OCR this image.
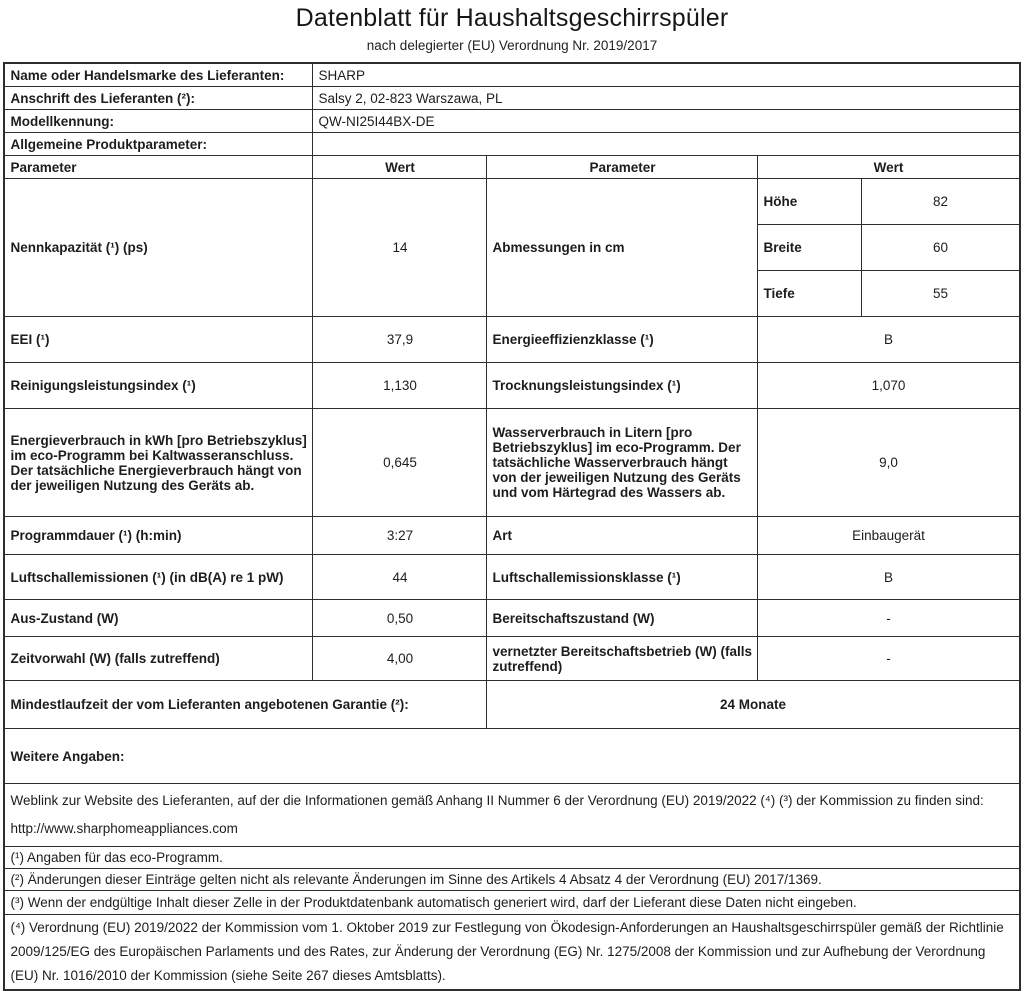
Datenblatt für Haushaltsgeschirrspüler
nach delegierter (EU) Verordnung Nr. 2019/2017
Name oder Handelsmarke des Lieferanten:	SHARP			
Anschrift des Lieferanten (²):	Salsy 2, 02-823 Warszawa, PL			
Modellkennung:	QW-NI25I44BX-DE			
Allgemeine Produktparameter:				
Parameter	Wert	Parameter	Wert	
Nennkapazität (¹) (ps)	14	Abmessungen in cm	Höhe	82
			Breite	60
			Tiefe	55
EEI (¹)	37,9	Energieeffizienzklasse (¹)	B	
Reinigungsleistungsindex (¹)	1,130	Trocknungsleistungsindex (¹)	1,070	
Energieverbrauch in kWh [pro Betriebszyklus] im eco-Programm bei Kaltwasseranschluss. Der tatsächliche Energieverbrauch hängt von der jeweiligen Nutzung des Geräts ab.	0,645	Wasserverbrauch in Litern [pro Betriebszyklus] im eco-Programm. Der tatsächliche Wasserverbrauch hängt von der jeweiligen Nutzung des Geräts und vom Härtegrad des Wassers ab.	9,0	
Programmdauer (¹) (h:min)	3:27	Art	Einbaugerät	
Luftschallemissionen (¹) (in dB(A) re 1 pW)	44	Luftschallemissionsklasse (¹)	B	
Aus-Zustand (W)	0,50	Bereitschaftszustand (W)	-	
Zeitvorwahl (W) (falls zutreffend)	4,00	vernetzter Bereitschaftsbetrieb (W) (falls zutreffend)	-	
Mindestlaufzeit der vom Lieferanten angebotenen Garantie (²):		24 Monate		
Weitere Angaben:				
Weblink zur Website des Lieferanten, auf der die Informationen gemäß Anhang II Nummer 6 der Verordnung (EU) 2019/2022 (⁴) (³) der Kommission zu finden sind: http://www.sharphomeappliances.com				
(¹) Angaben für das eco-Programm.				
(²) Änderungen dieser Einträge gelten nicht als relevante Änderungen im Sinne des Artikels 4 Absatz 4 der Verordnung (EU) 2017/1369.				
(³) Wenn der endgültige Inhalt dieser Zelle in der Produktdatenbank automatisch generiert wird, darf der Lieferant diese Daten nicht eingeben.				
(⁴) Verordnung (EU) 2019/2022 der Kommission vom 1. Oktober 2019 zur Festlegung von Ökodesign-Anforderungen an Haushaltsgeschirrspüler gemäß der Richtlinie 2009/125/EG des Europäischen Parlaments und des Rates, zur Änderung der Verordnung (EG) Nr. 1275/2008 der Kommission und zur Aufhebung der Verordnung (EU) Nr. 1016/2010 der Kommission (siehe Seite 267 dieses Amtsblatts).				
